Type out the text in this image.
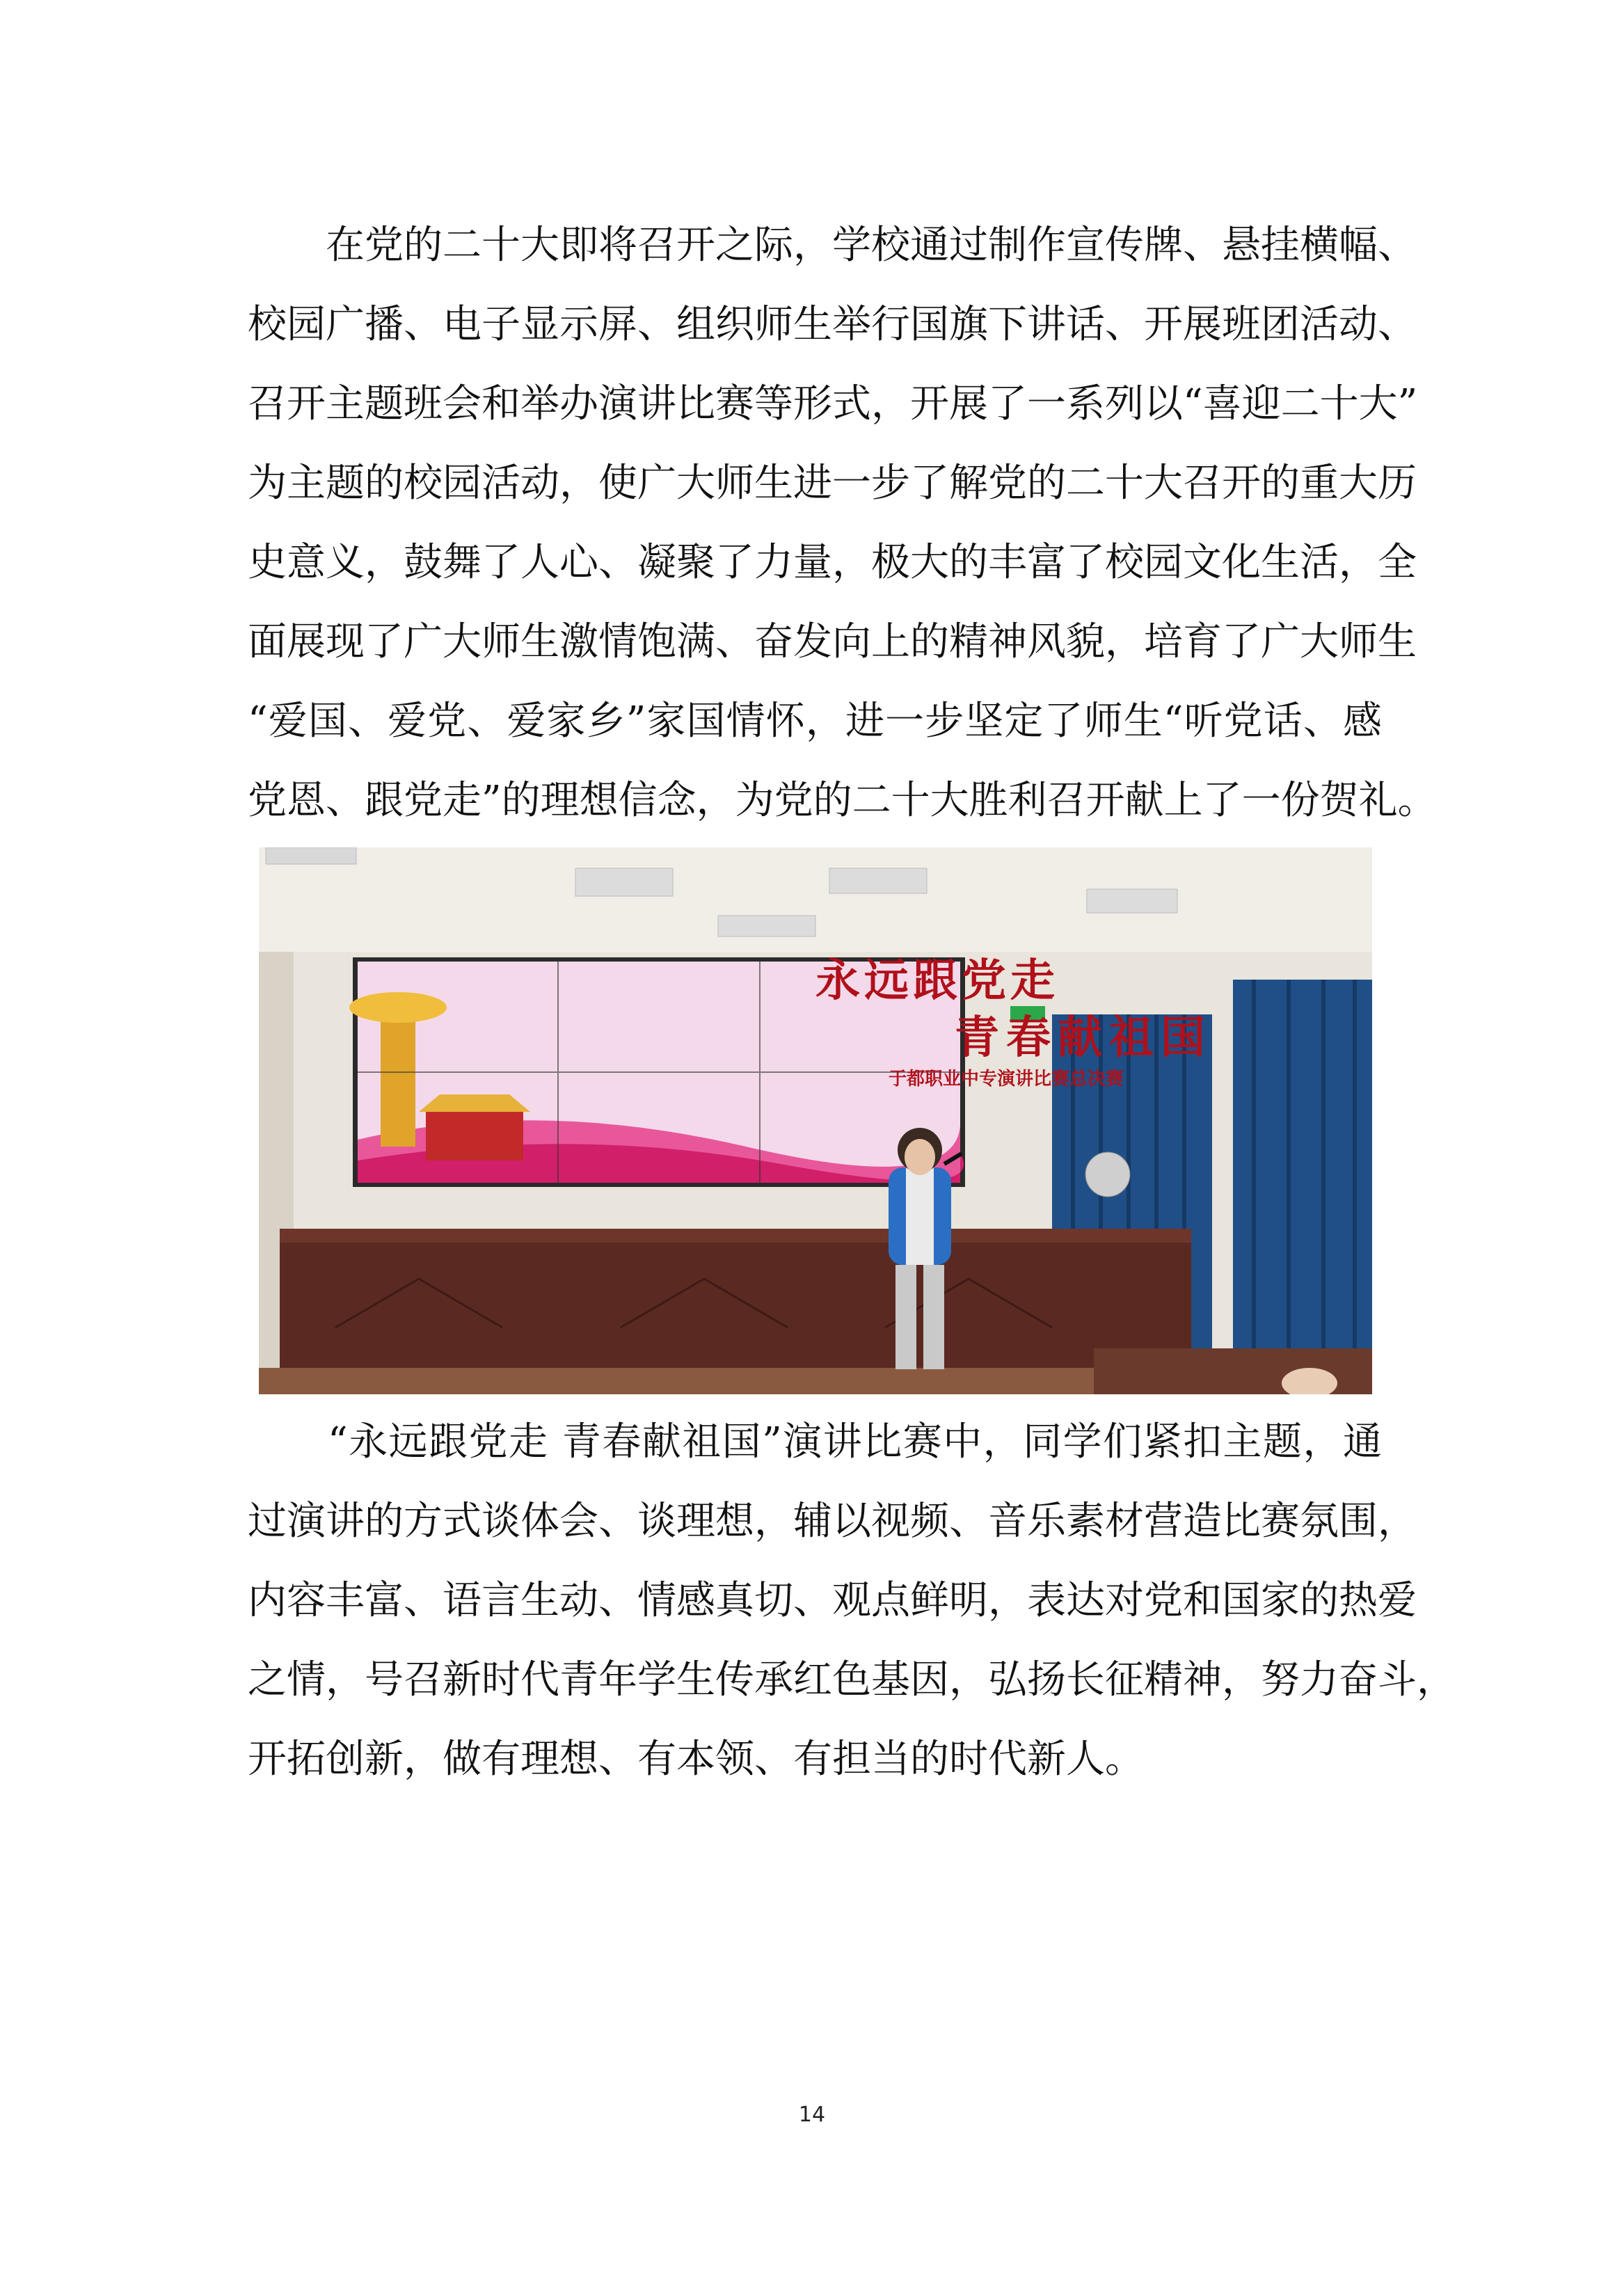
　　在党的二十大即将召开之际，学校通过制作宣传牌、悬挂横幅、
校园广播、电子显示屏、组织师生举行国旗下讲话、开展班团活动、
召开主题班会和举办演讲比赛等形式，开展了一系列以“喜迎二十大”
为主题的校园活动，使广大师生进一步了解党的二十大召开的重大历
史意义，鼓舞了人心、凝聚了力量，极大的丰富了校园文化生活，全
面展现了广大师生激情饱满、奋发向上的精神风貌，培育了广大师生
“爱国、爱党、爱家乡”家国情怀，进一步坚定了师生“听党话、感
党恩、跟党走”的理想信念，为党的二十大胜利召开献上了一份贺礼。

永远跟党走
青春献祖国
于都职业中专演讲比赛总决赛

　　“永远跟党走 青春献祖国”演讲比赛中，同学们紧扣主题，通
过演讲的方式谈体会、谈理想，辅以视频、音乐素材营造比赛氛围，
内容丰富、语言生动、情感真切、观点鲜明，表达对党和国家的热爱
之情，号召新时代青年学生传承红色基因，弘扬长征精神，努力奋斗，
开拓创新，做有理想、有本领、有担当的时代新人。

14
